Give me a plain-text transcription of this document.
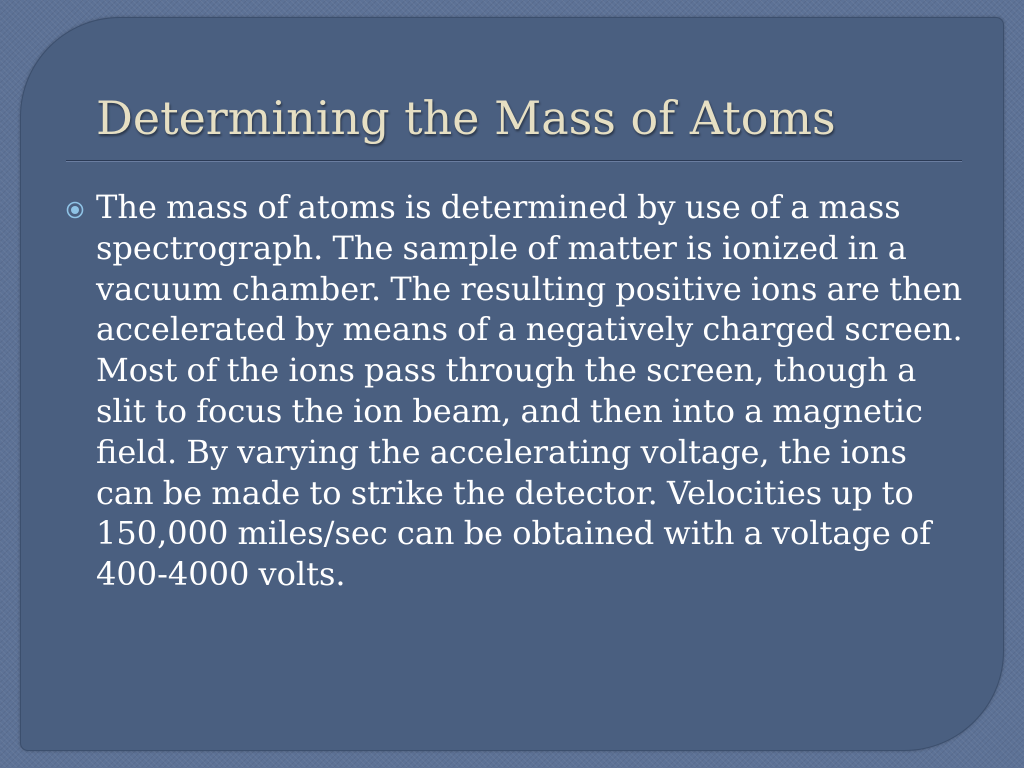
Determining the Mass of Atoms
The mass of atoms is determined by use of a mass spectrograph. The sample of matter is ionized in a vacuum chamber. The resulting positive ions are then accelerated by means of a negatively charged screen. Most of the ions pass through the screen, though a slit to focus the ion beam, and then into a magnetic field. By varying the accelerating voltage, the ions can be made to strike the detector. Velocities up to 150,000 miles/sec can be obtained with a voltage of 400-4000 volts.
